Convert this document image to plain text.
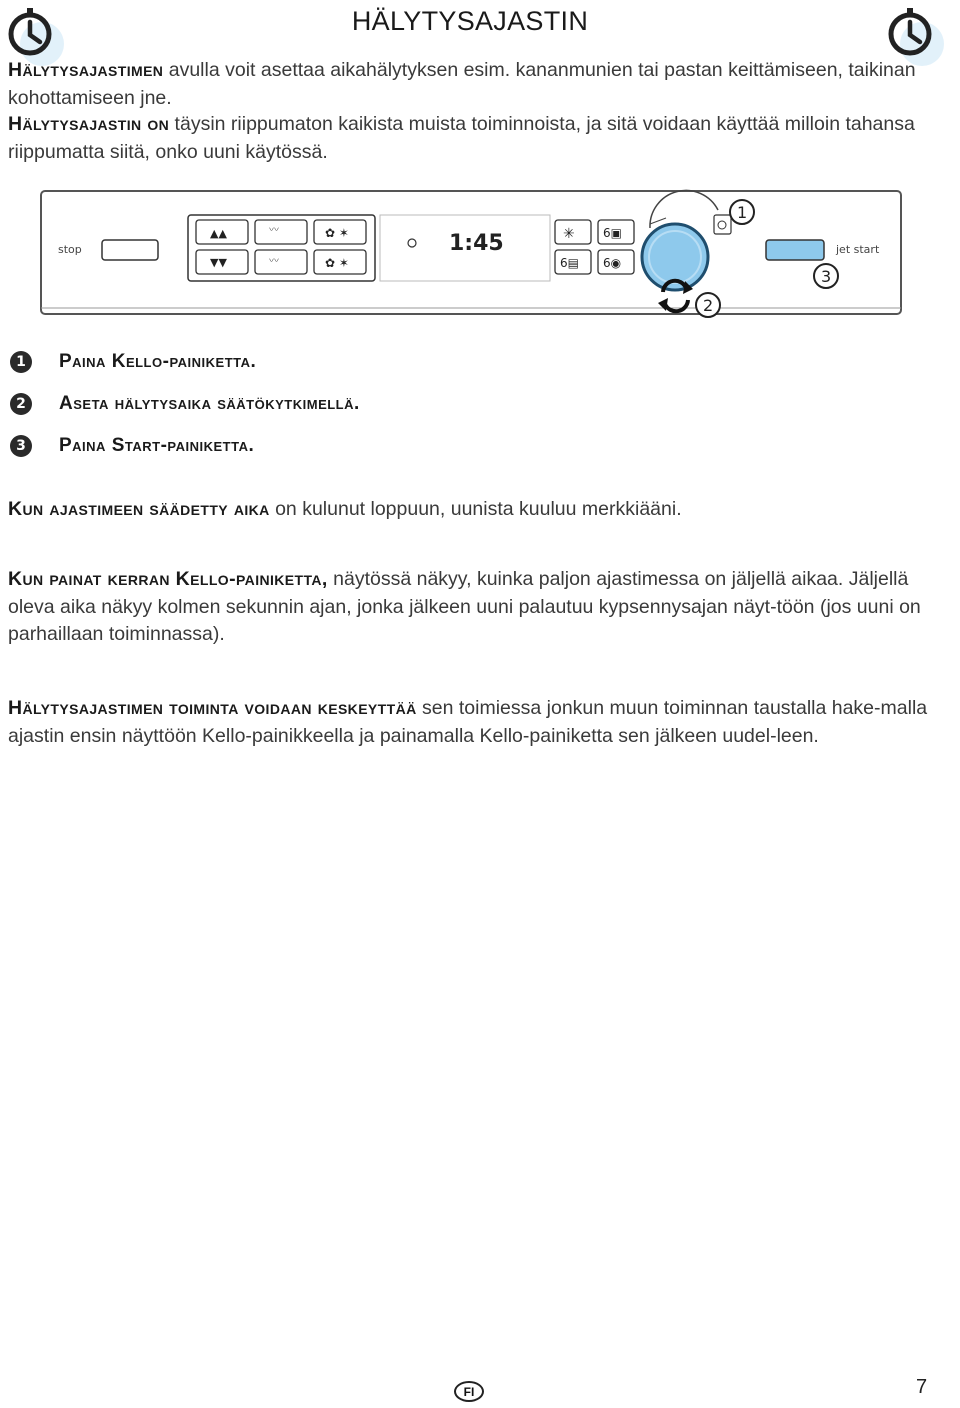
HÄLYTYSAJASTIN
Hälytysajastimen avulla voit asettaa aikahälytyksen esim. kananmunien tai pastan keittämiseen, taikinan kohottamiseen jne.
Hälytysajastin on täysin riippumaton kaikista muista toiminnoista, ja sitä voidaan käyttää milloin tahansa riippumatta siitä, onko uuni käytössä.
stop
▲▲
▼▼
〰
〰
✿ ✶
✿ ✶
1:45	✳
6▤
6▣
6◉
jet start
1
2
3
1	Paina Kello-painiketta.
2	Aseta hälytysaika säätökytkimellä.
3	Paina Start-painiketta.
Kun ajastimeen säädetty aika on kulunut loppuun, uunista kuuluu merkkiääni.
Kun painat kerran Kello-painiketta, näytössä näkyy, kuinka paljon ajastimessa on jäljellä aikaa. Jäljellä oleva aika näkyy kolmen sekunnin ajan, jonka jälkeen uuni palautuu kypsennysajan näyt-töön (jos uuni on parhaillaan toiminnassa).
Hälytysajastimen toiminta voidaan keskeyttää sen toimiessa jonkun muun toiminnan taustalla hake-malla ajastin ensin näyttöön Kello-painikkeella ja painamalla Kello-painiketta sen jälkeen uudel-leen.
FI	7
